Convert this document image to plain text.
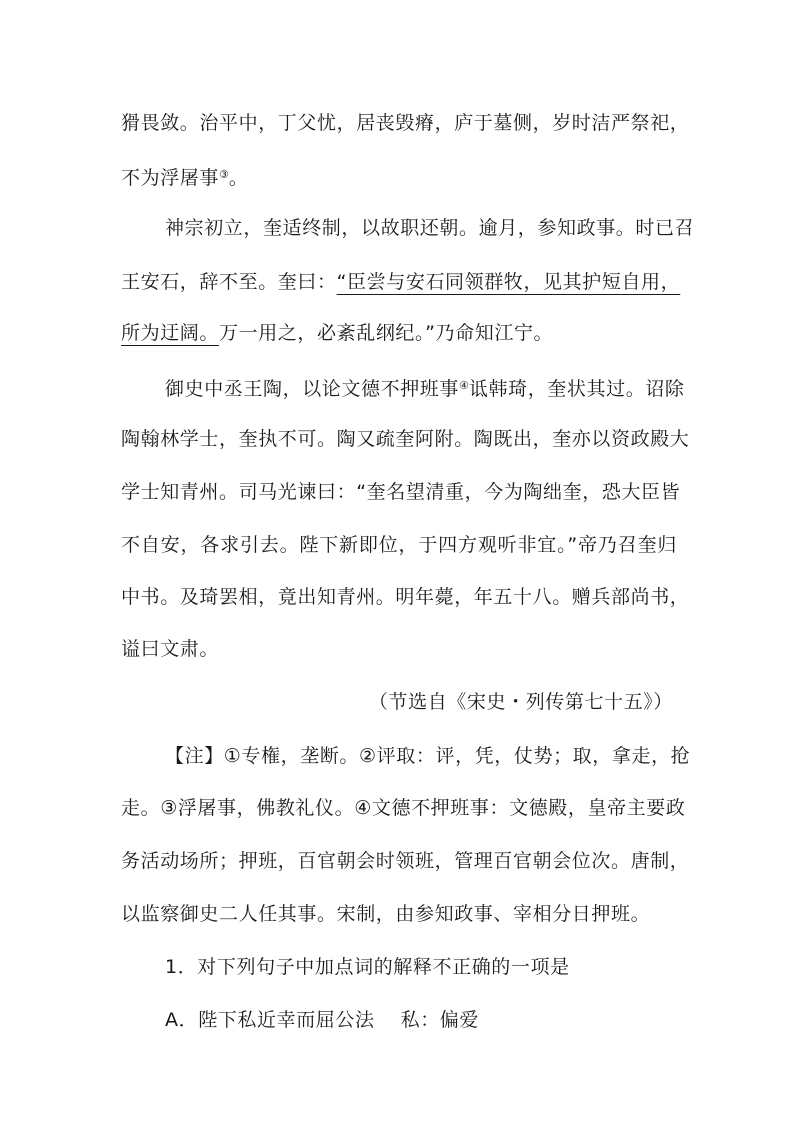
猾畏敛。治平中，丁父忧，居丧毁瘠，庐于墓侧，岁时洁严祭祀，
不为浮屠事③。
神宗初立，奎适终制，以故职还朝。逾月，参知政事。时已召
王安石，辞不至。奎曰：“臣尝与安石同领群牧，见其护短自用，
所为迂阔。万一用之，必紊乱纲纪。”乃命知江宁。
御史中丞王陶，以论文德不押班事④诋韩琦，奎状其过。诏除
陶翰林学士，奎执不可。陶又疏奎阿附。陶既出，奎亦以资政殿大
学士知青州。司马光谏曰：“奎名望清重，今为陶绌奎，恐大臣皆
不自安，各求引去。陛下新即位，于四方观听非宜。”帝乃召奎归
中书。及琦罢相，竟出知青州。明年薨，年五十八。赠兵部尚书，
谥曰文肃。
（节选自《宋史・列传第七十五》）
【注】①专権，垄断。②评取：评，凭，仗势；取，拿走，抢
走。③浮屠事，佛教礼仪。④文德不押班事：文德殿，皇帝主要政
务活动场所；押班，百官朝会时领班，管理百官朝会位次。唐制，
以监察御史二人任其事。宋制，由参知政事、宰相分日押班。
1．对下列句子中加点词的解释不正确的一项是
A．陛下私近幸而屈公法 私：偏爱
